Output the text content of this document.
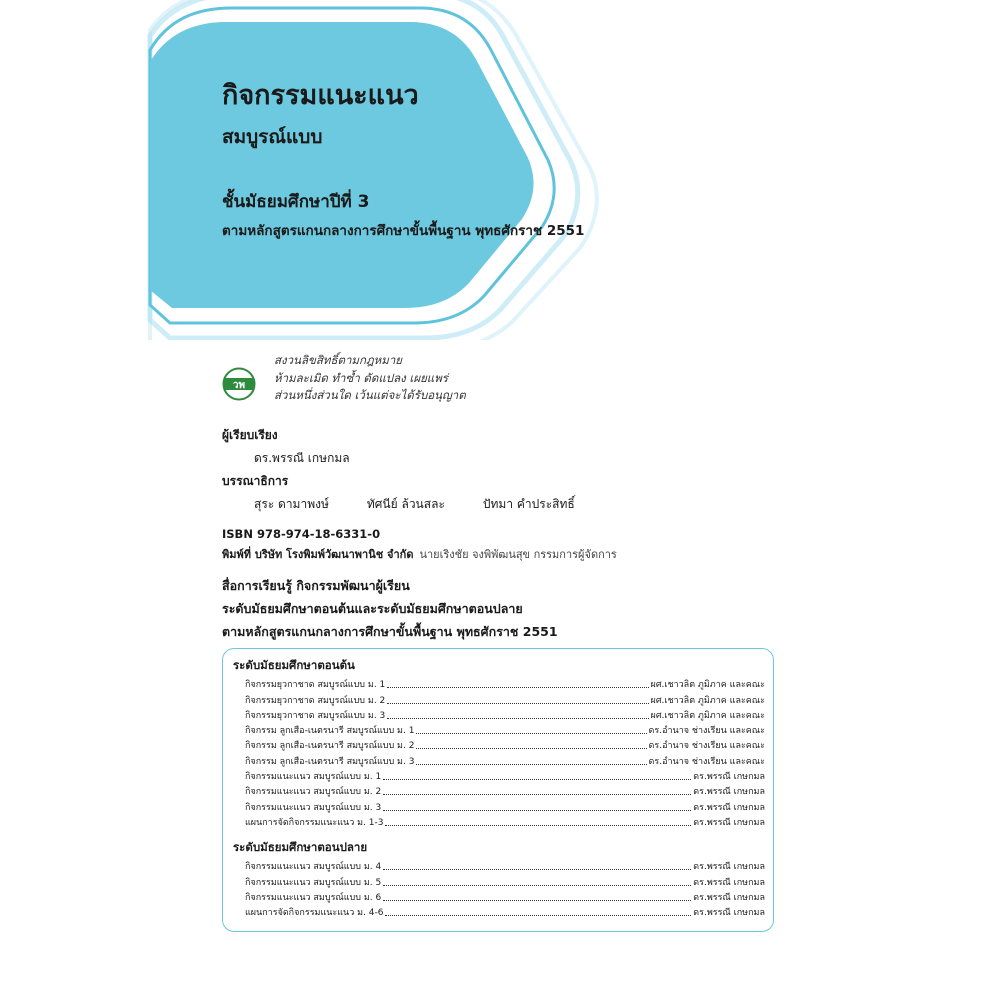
กิจกรรมแนะแนว

สมบูรณ์แบบ

ชั้นมัธยมศึกษาปีที่ 3
ตามหลักสูตรแกนกลางการศึกษาขั้นพื้นฐาน พุทธศักราช 2551
วพ
สงวนลิขสิทธิ์ตามกฎหมาย
ห้ามละเมิด ทำซ้ำ ดัดแปลง เผยแพร่
ส่วนหนึ่งส่วนใด เว้นแต่จะได้รับอนุญาต
ผู้เรียบเรียง
ดร.พรรณี เกษกมล
บรรณาธิการ
สุระ ดามาพงษ์	ทัศนีย์ ล้วนสละ	ปัทมา คำประสิทธิ์
ISBN 978-974-18-6331-0
พิมพ์ที่ บริษัท โรงพิมพ์วัฒนาพานิช จำกัด นายเริงชัย จงพิพัฒนสุข กรรมการผู้จัดการ
สื่อการเรียนรู้ กิจกรรมพัฒนาผู้เรียน
ระดับมัธยมศึกษาตอนต้นและระดับมัธยมศึกษาตอนปลาย
ตามหลักสูตรแกนกลางการศึกษาขั้นพื้นฐาน พุทธศักราช 2551
ระดับมัธยมศึกษาตอนต้น
กิจกรรมยุวกาชาด สมบูรณ์แบบ ม. 1	ผศ.เชาวลิต ภูมิภาค และคณะ
กิจกรรมยุวกาชาด สมบูรณ์แบบ ม. 2	ผศ.เชาวลิต ภูมิภาค และคณะ
กิจกรรมยุวกาชาด สมบูรณ์แบบ ม. 3	ผศ.เชาวลิต ภูมิภาค และคณะ
กิจกรรม ลูกเสือ-เนตรนารี สมบูรณ์แบบ ม. 1	ดร.อำนาจ ช่างเรียน และคณะ
กิจกรรม ลูกเสือ-เนตรนารี สมบูรณ์แบบ ม. 2	ดร.อำนาจ ช่างเรียน และคณะ
กิจกรรม ลูกเสือ-เนตรนารี สมบูรณ์แบบ ม. 3	ดร.อำนาจ ช่างเรียน และคณะ
กิจกรรมแนะแนว สมบูรณ์แบบ ม. 1	ดร.พรรณี เกษกมล
กิจกรรมแนะแนว สมบูรณ์แบบ ม. 2	ดร.พรรณี เกษกมล
กิจกรรมแนะแนว สมบูรณ์แบบ ม. 3	ดร.พรรณี เกษกมล
แผนการจัดกิจกรรมแนะแนว ม. 1-3	ดร.พรรณี เกษกมล
ระดับมัธยมศึกษาตอนปลาย
กิจกรรมแนะแนว สมบูรณ์แบบ ม. 4	ดร.พรรณี เกษกมล
กิจกรรมแนะแนว สมบูรณ์แบบ ม. 5	ดร.พรรณี เกษกมล
กิจกรรมแนะแนว สมบูรณ์แบบ ม. 6	ดร.พรรณี เกษกมล
แผนการจัดกิจกรรมแนะแนว ม. 4-6	ดร.พรรณี เกษกมล
